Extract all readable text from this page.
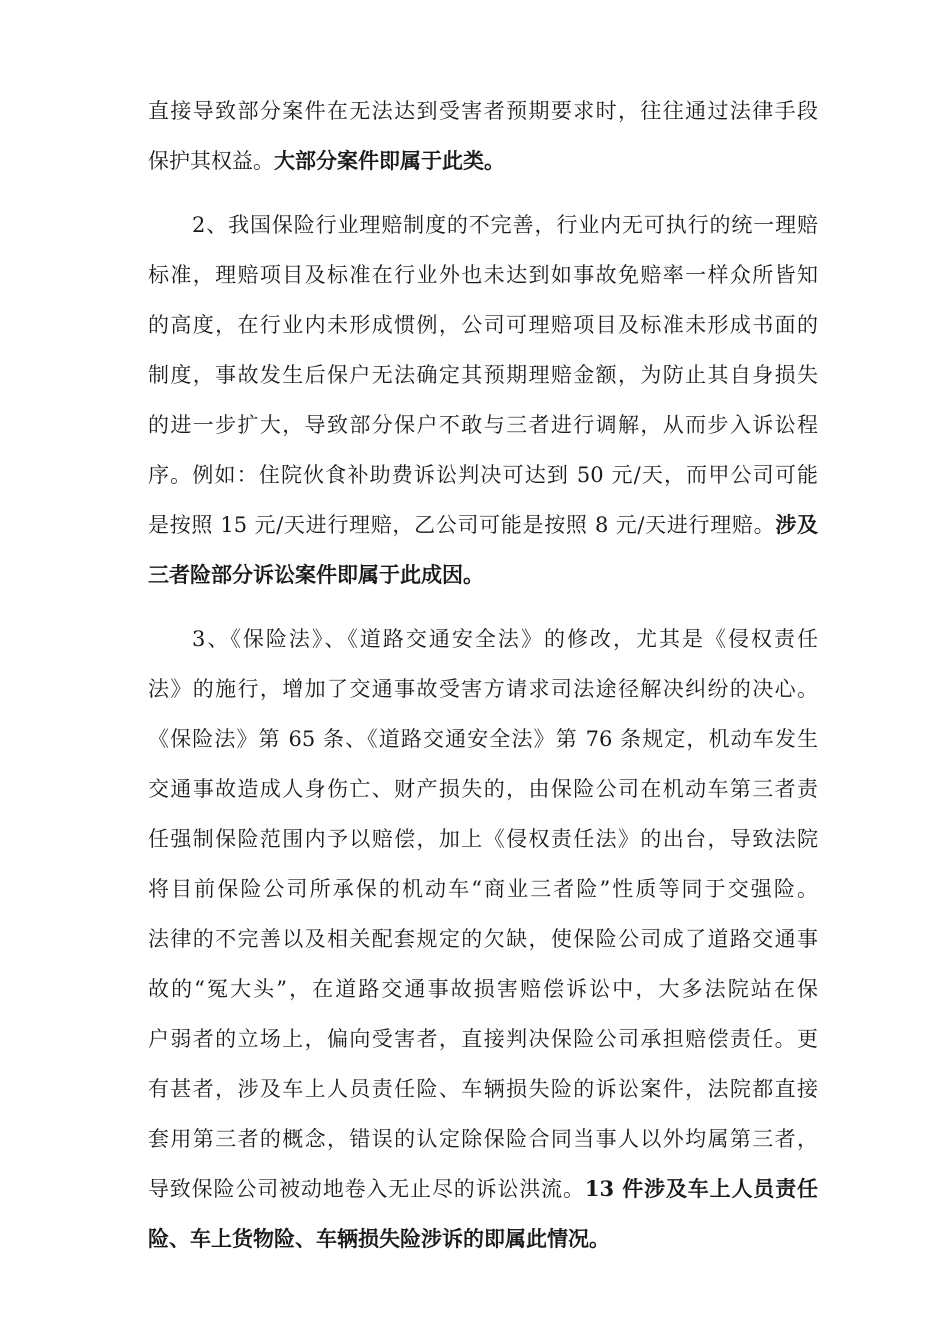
直接导致部分案件在无法达到受害者预期要求时，往往通过法律手段
保护其权益。大部分案件即属于此类。
2、我国保险行业理赔制度的不完善，行业内无可执行的统一理赔
标准，理赔项目及标准在行业外也未达到如事故免赔率一样众所皆知
的高度，在行业内未形成惯例，公司可理赔项目及标准未形成书面的
制度，事故发生后保户无法确定其预期理赔金额，为防止其自身损失
的进一步扩大，导致部分保户不敢与三者进行调解，从而步入诉讼程
序。例如：住院伙食补助费诉讼判决可达到 50 元/天，而甲公司可能
是按照 15 元/天进行理赔，乙公司可能是按照 8 元/天进行理赔。涉及
三者险部分诉讼案件即属于此成因。
3、《保险法》、《道路交通安全法》的修改，尤其是《侵权责任
法》的施行，增加了交通事故受害方请求司法途径解决纠纷的决心。
《保险法》第 65 条、《道路交通安全法》第 76 条规定，机动车发生
交通事故造成人身伤亡、财产损失的，由保险公司在机动车第三者责
任强制保险范围内予以赔偿，加上《侵权责任法》的出台，导致法院
将目前保险公司所承保的机动车“商业三者险”性质等同于交强险。
法律的不完善以及相关配套规定的欠缺，使保险公司成了道路交通事
故的“冤大头”，在道路交通事故损害赔偿诉讼中，大多法院站在保
户弱者的立场上，偏向受害者，直接判决保险公司承担赔偿责任。更
有甚者，涉及车上人员责任险、车辆损失险的诉讼案件，法院都直接
套用第三者的概念，错误的认定除保险合同当事人以外均属第三者，
导致保险公司被动地卷入无止尽的诉讼洪流。13 件涉及车上人员责任
险、车上货物险、车辆损失险涉诉的即属此情况。
